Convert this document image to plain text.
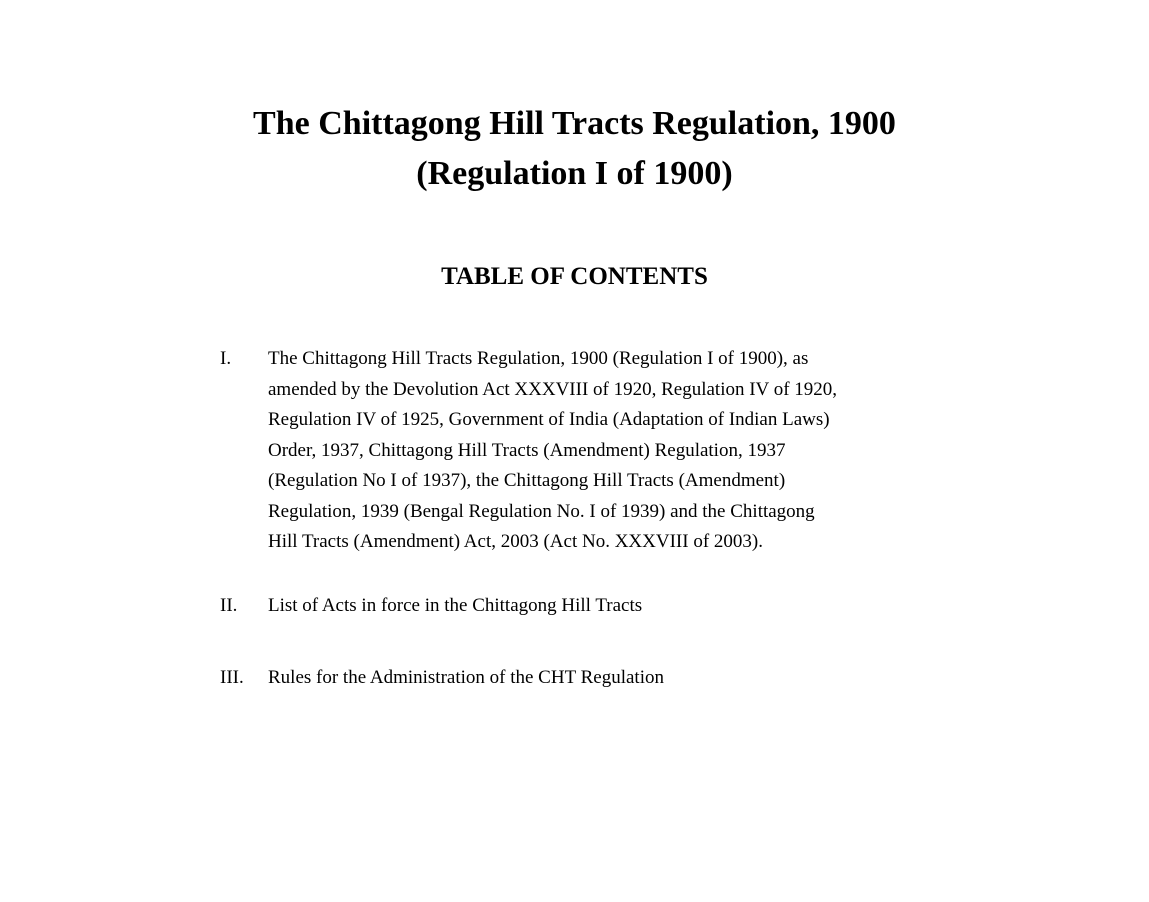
The Chittagong Hill Tracts Regulation, 1900
(Regulation I of 1900)
TABLE OF CONTENTS
I. The Chittagong Hill Tracts Regulation, 1900 (Regulation I of 1900), as
amended by the Devolution Act XXXVIII of 1920, Regulation IV of 1920,
Regulation IV of 1925, Government of India (Adaptation of Indian Laws)
Order, 1937, Chittagong Hill Tracts (Amendment) Regulation, 1937
(Regulation No I of 1937), the Chittagong Hill Tracts (Amendment)
Regulation, 1939 (Bengal Regulation No. I of 1939) and the Chittagong
Hill Tracts (Amendment) Act, 2003 (Act No. XXXVIII of 2003).
II. List of Acts in force in the Chittagong Hill Tracts
III. Rules for the Administration of the CHT Regulation
